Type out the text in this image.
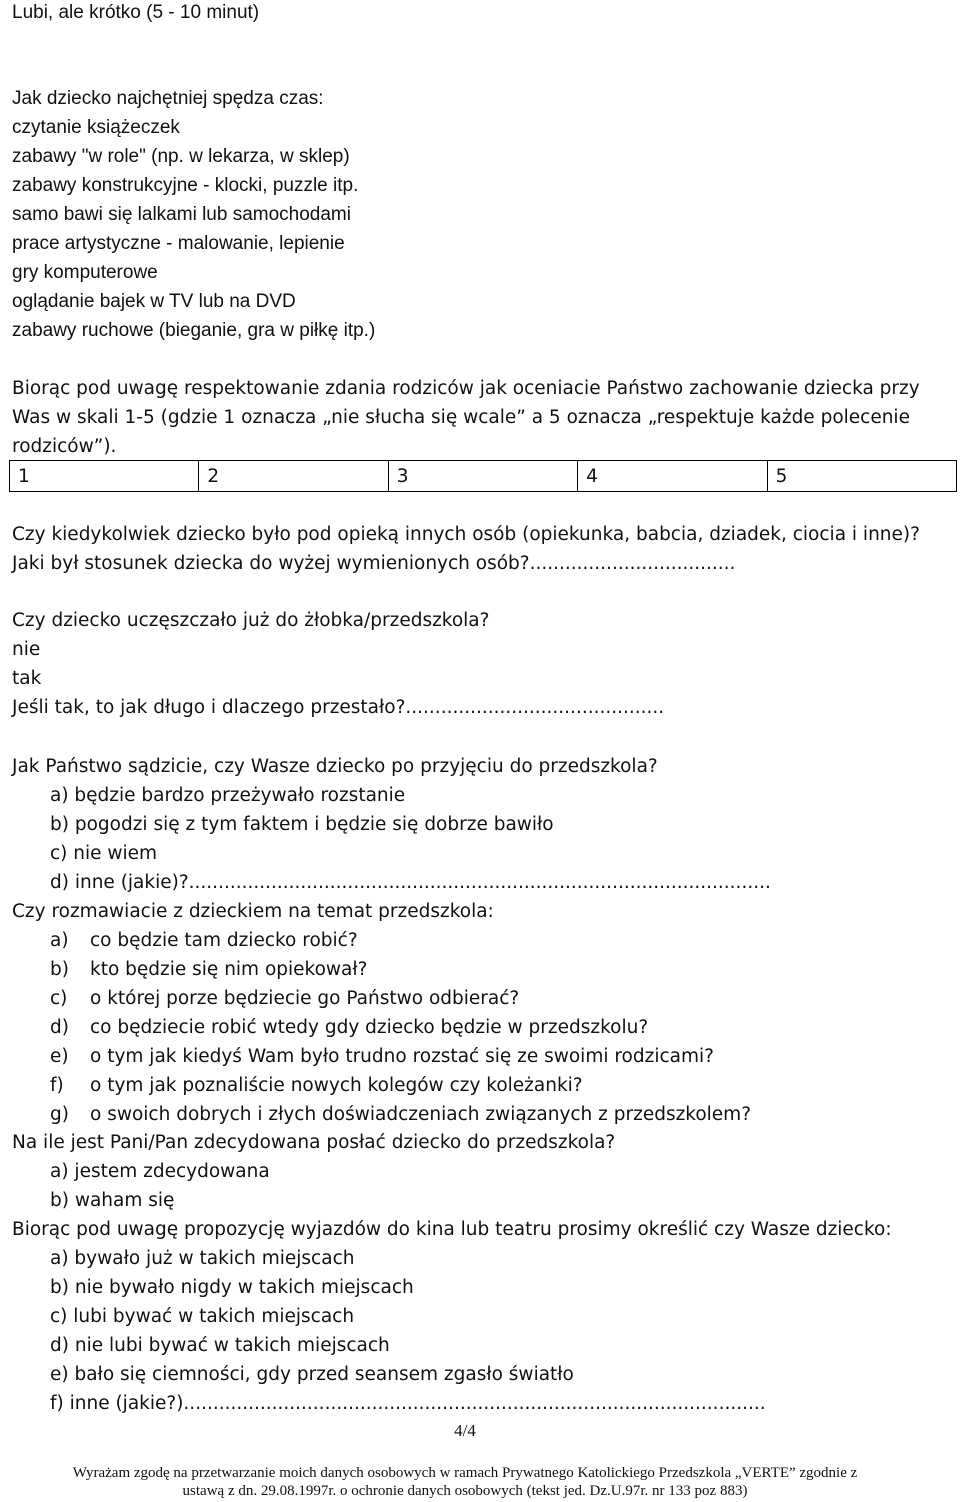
Lubi, ale krótko (5 - 10 minut)
Jak dziecko najchętniej spędza czas:
czytanie książeczek
zabawy "w role" (np. w lekarza, w sklep)
zabawy konstrukcyjne - klocki, puzzle itp.
samo bawi się lalkami lub samochodami
prace artystyczne - malowanie, lepienie
gry komputerowe
oglądanie bajek w TV lub na DVD
zabawy ruchowe (bieganie, gra w piłkę itp.)
Biorąc pod uwagę respektowanie zdania rodziców jak oceniacie Państwo zachowanie dziecka przy Was w skali 1-5 (gdzie 1 oznacza „nie słucha się wcale” a 5 oznacza „respektuje każde polecenie rodziców”).
1	2	3	4	5
Czy kiedykolwiek dziecko było pod opieką innych osób (opiekunka, babcia, dziadek, ciocia i inne)?
Jaki był stosunek dziecka do wyżej wymienionych osób?...................................
Czy dziecko uczęszczało już do żłobka/przedszkola?
nie
tak
Jeśli tak, to jak długo i dlaczego przestało?............................................
Jak Państwo sądzicie, czy Wasze dziecko po przyjęciu do przedszkola?
a) będzie bardzo przeżywało rozstanie
b) pogodzi się z tym faktem i będzie się dobrze bawiło
c) nie wiem
d) inne (jakie)?...................................................................................................
Czy rozmawiacie z dzieckiem na temat przedszkola:
a) co będzie tam dziecko robić?
b) kto będzie się nim opiekował?
c) o której porze będziecie go Państwo odbierać?
d) co będziecie robić wtedy gdy dziecko będzie w przedszkolu?
e) o tym jak kiedyś Wam było trudno rozstać się ze swoimi rodzicami?
f) o tym jak poznaliście nowych kolegów czy koleżanki?
g) o swoich dobrych i złych doświadczeniach związanych z przedszkolem?
Na ile jest Pani/Pan zdecydowana posłać dziecko do przedszkola?
a) jestem zdecydowana
b) waham się
Biorąc pod uwagę propozycję wyjazdów do kina lub teatru prosimy określić czy Wasze dziecko:
a) bywało już w takich miejscach
b) nie bywało nigdy w takich miejscach
c) lubi bywać w takich miejscach
d) nie lubi bywać w takich miejscach
e) bało się ciemności, gdy przed seansem zgasło światło
f) inne (jakie?)...................................................................................................
4/4
Wyrażam zgodę na przetwarzanie moich danych osobowych w ramach Prywatnego Katolickiego Przedszkola „VERTE” zgodnie z
ustawą z dn. 29.08.1997r. o ochronie danych osobowych (tekst jed. Dz.U.97r. nr 133 poz 883)
